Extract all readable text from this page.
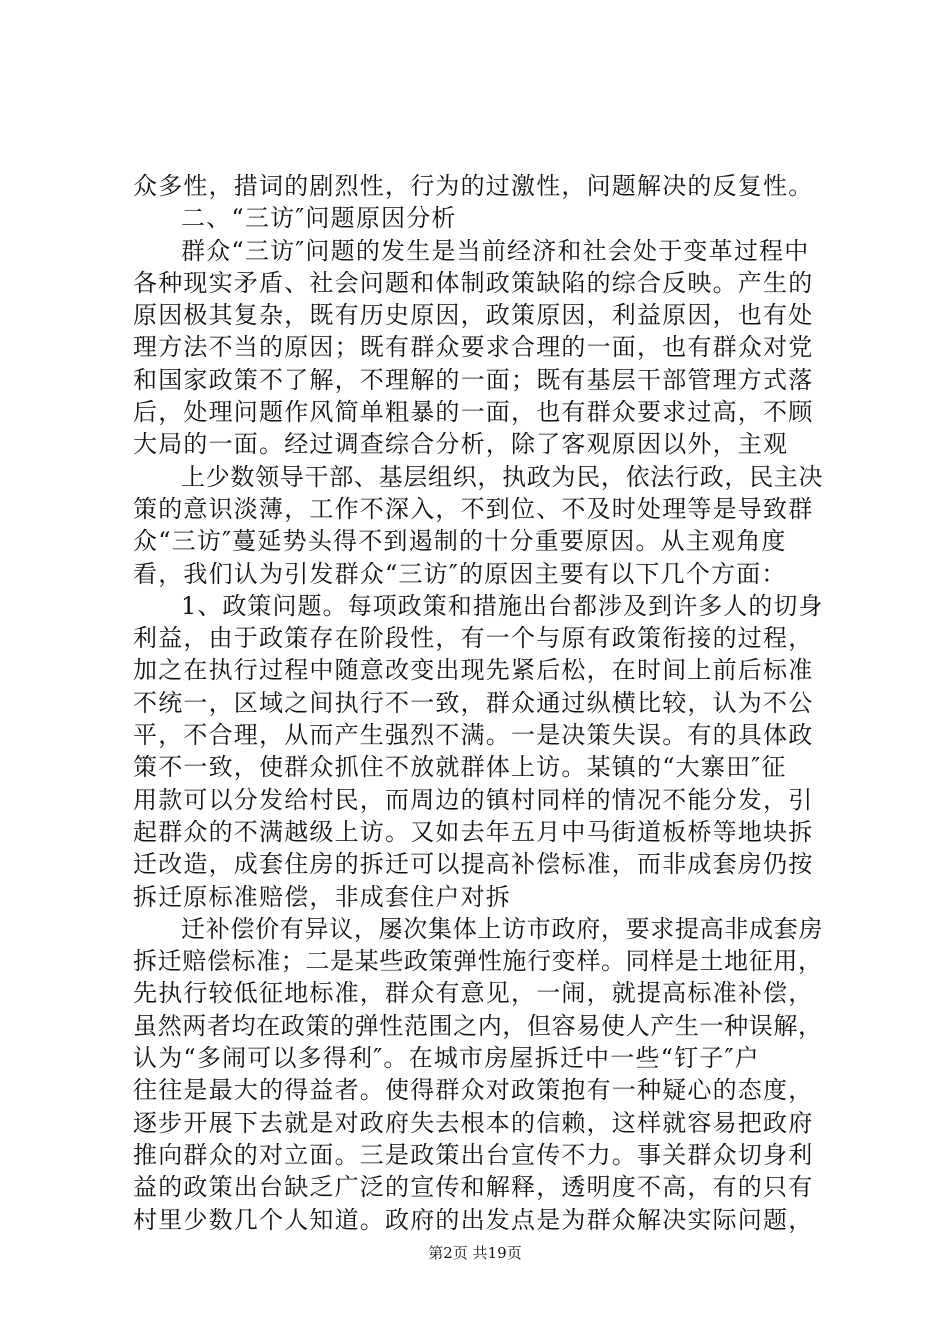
众多性，措词的剧烈性，行为的过激性，问题解决的反复性。
二、“三访″问题原因分析
群众“三访″问题的发生是当前经济和社会处于变革过程中
各种现实矛盾、社会问题和体制政策缺陷的综合反映。产生的
原因极其复杂，既有历史原因，政策原因，利益原因，也有处
理方法不当的原因；既有群众要求合理的一面，也有群众对党
和国家政策不了解，不理解的一面；既有基层干部管理方式落
后，处理问题作风简单粗暴的一面，也有群众要求过高，不顾
大局的一面。经过调查综合分析，除了客观原因以外，主观
上少数领导干部、基层组织，执政为民，依法行政，民主决
策的意识淡薄，工作不深入，不到位、不及时处理等是导致群
众“三访″蔓延势头得不到遏制的十分重要原因。从主观角度
看，我们认为引发群众“三访″的原因主要有以下几个方面：
1、政策问题。每项政策和措施出台都涉及到许多人的切身
利益，由于政策存在阶段性，有一个与原有政策衔接的过程，
加之在执行过程中随意改变出现先紧后松，在时间上前后标准
不统一，区域之间执行不一致，群众通过纵横比较，认为不公
平，不合理，从而产生强烈不满。一是决策失误。有的具体政
策不一致，使群众抓住不放就群体上访。某镇的“大寨田″征
用款可以分发给村民，而周边的镇村同样的情况不能分发，引
起群众的不满越级上访。又如去年五月中马街道板桥等地块拆
迁改造，成套住房的拆迁可以提高补偿标准，而非成套房仍按
拆迁原标准赔偿，非成套住户对拆
迁补偿价有异议，屡次集体上访市政府，要求提高非成套房
拆迁赔偿标准；二是某些政策弹性施行变样。同样是土地征用，
先执行较低征地标准，群众有意见，一闹，就提高标准补偿，
虽然两者均在政策的弹性范围之内，但容易使人产生一种误解，
认为“多闹可以多得利″。在城市房屋拆迁中一些“钉子″户
往往是最大的得益者。使得群众对政策抱有一种疑心的态度，
逐步开展下去就是对政府失去根本的信赖，这样就容易把政府
推向群众的对立面。三是政策出台宣传不力。事关群众切身利
益的政策出台缺乏广泛的宣传和解释，透明度不高，有的只有
村里少数几个人知道。政府的出发点是为群众解决实际问题，
第2页 共19页
